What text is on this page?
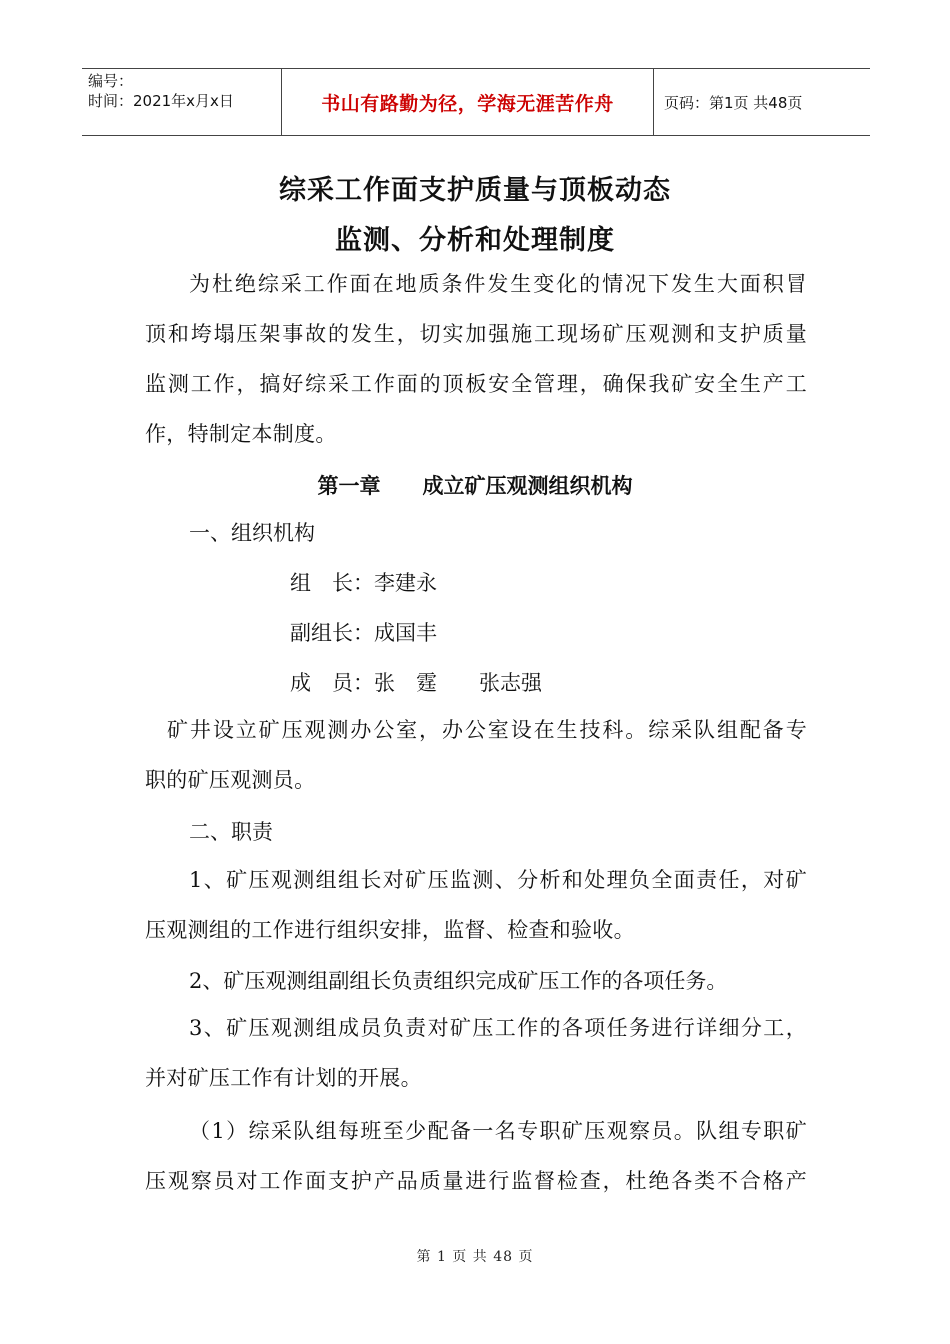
编号：
时间：2021年x月x日	书山有路勤为径，学海无涯苦作舟	页码：第1页 共48页
综采工作面支护质量与顶板动态
监测、分析和处理制度
为杜绝综采工作面在地质条件发生变化的情况下发生大面积冒
顶和垮塌压架事故的发生，切实加强施工现场矿压观测和支护质量
监测工作，搞好综采工作面的顶板安全管理，确保我矿安全生产工
作，特制定本制度。
第一章　　成立矿压观测组织机构
一、组织机构
组　长：李建永
副组长：成国丰
成　员：张　霆　　张志强
矿井设立矿压观测办公室，办公室设在生技科。综采队组配备专
职的矿压观测员。
二、职责
1、矿压观测组组长对矿压监测、分析和处理负全面责任，对矿
压观测组的工作进行组织安排，监督、检查和验收。
2、矿压观测组副组长负责组织完成矿压工作的各项任务。
3、矿压观测组成员负责对矿压工作的各项任务进行详细分工，
并对矿压工作有计划的开展。
（1）综采队组每班至少配备一名专职矿压观察员。队组专职矿
压观察员对工作面支护产品质量进行监督检查，杜绝各类不合格产
第 1 页 共 48 页
